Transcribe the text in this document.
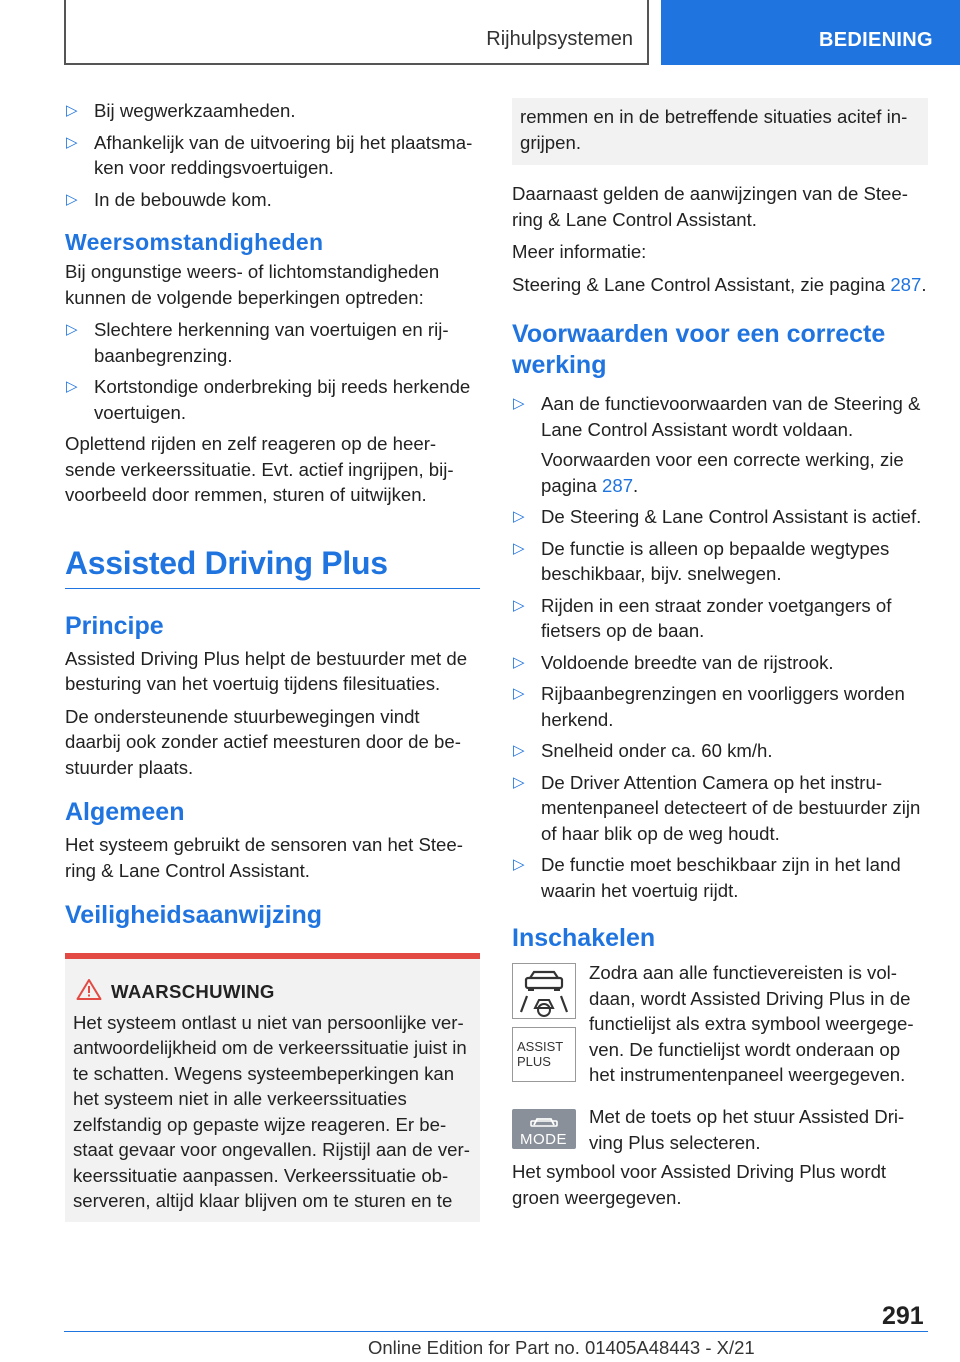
Rijhulpsystemen	BEDIENING
▷ Bij wegwerkzaamheden.
▷ Afhankelijk van de uitvoering bij het plaatsmaken voor reddingsvoertuigen.
▷ In de bebouwde kom.
Weersomstandigheden

Bij ongunstige weers- of lichtomstandigheden kunnen de volgende beperkingen optreden:

▷ Slechtere herkenning van voertuigen en rijbaanbegrenzing.
▷ Kortstondige onderbreking bij reeds herkende voertuigen.

Oplettend rijden en zelf reageren op de heersende verkeerssituatie. Evt. actief ingrijpen, bijvoorbeeld door remmen, sturen of uitwijken.

Assisted Driving Plus
Principe

Assisted Driving Plus helpt de bestuurder met de besturing van het voertuig tijdens filesituaties.

De ondersteunende stuurbewegingen vindt daarbij ook zonder actief meesturen door de bestuurder plaats.

Algemeen

Het systeem gebruikt de sensoren van het Steering & Lane Control Assistant.

Veiligheidsaanwijzing
WAARSCHUWING

Het systeem ontlast u niet van persoonlijke verantwoordelijkheid om de verkeerssituatie juist in te schatten. Wegens systeembeperkingen kan het systeem niet in alle verkeerssituaties zelfstandig op gepaste wijze reageren. Er bestaat gevaar voor ongevallen. Rijstijl aan de verkeerssituatie aanpassen. Verkeerssituatie observeren, altijd klaar blijven om te sturen en te

remmen en in de betreffende situaties acitef ingrijpen.

Daarnaast gelden de aanwijzingen van de Steering & Lane Control Assistant.

Meer informatie:

Steering & Lane Control Assistant, zie pagina 287.

Voorwaarden voor een correcte werking
▷ Aan de functievoorwaarden van de Steering & Lane Control Assistant wordt voldaan.
Voorwaarden voor een correcte werking, zie pagina 287.
▷ De Steering & Lane Control Assistant is actief.
▷ De functie is alleen op bepaalde wegtypes beschikbaar, bijv. snelwegen.
▷ Rijden in een straat zonder voetgangers of fietsers op de baan.
▷ Voldoende breedte van de rijstrook.
▷ Rijbaanbegrenzingen en voorliggers worden herkend.
▷ Snelheid onder ca. 60 km/h.
▷ De Driver Attention Camera op het instrumentenpaneel detecteert of de bestuurder zijn of haar blik op de weg houdt.
▷ De functie moet beschikbaar zijn in het land waarin het voertuig rijdt.
Inschakelen
ASSIST
PLUS

Zodra aan alle functievereisten is voldaan, wordt Assisted Driving Plus in de functielijst als extra symbool weergegeven. De functielijst wordt onderaan op het instrumentenpaneel weergegeven.

MODE

Met de toets op het stuur Assisted Driving Plus selecteren.

Het symbool voor Assisted Driving Plus wordt groen weergegeven.

291
Online Edition for Part no. 01405A48443 - X/21
